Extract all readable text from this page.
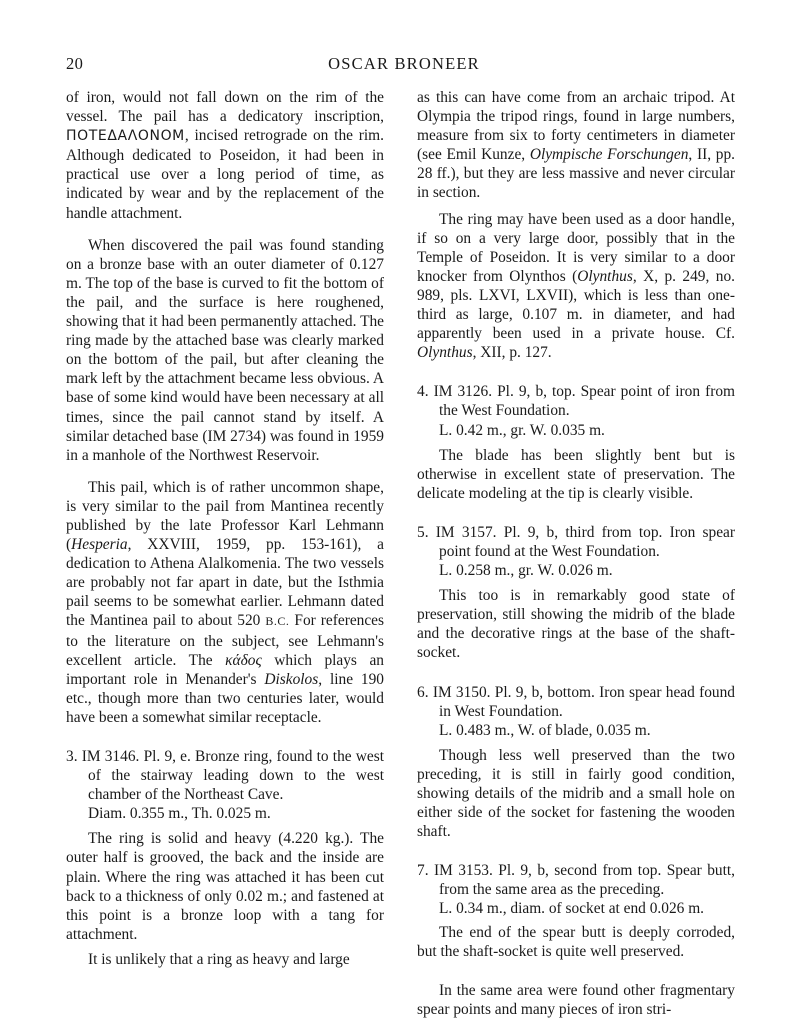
20	OSCAR BRONEER

of iron, would not fall down on the rim of the vessel. The pail has a dedicatory inscription, ΠΟΤΕΔΑΛΟΝΟΜ, incised retrograde on the rim. Although dedicated to Poseidon, it had been in practical use over a long period of time, as indicated by wear and by the replacement of the handle attachment.

When discovered the pail was found standing on a bronze base with an outer diameter of 0.127 m. The top of the base is curved to fit the bottom of the pail, and the surface is here roughened, showing that it had been permanently attached. The ring made by the attached base was clearly marked on the bottom of the pail, but after cleaning the mark left by the attachment became less obvious. A base of some kind would have been necessary at all times, since the pail cannot stand by itself. A similar detached base (IM 2734) was found in 1959 in a manhole of the Northwest Reservoir.

This pail, which is of rather uncommon shape, is very similar to the pail from Mantinea recently published by the late Professor Karl Lehmann (Hesperia, XXVIII, 1959, pp. 153-161), a dedication to Athena Alalkomenia. The two vessels are probably not far apart in date, but the Isthmia pail seems to be somewhat earlier. Lehmann dated the Mantinea pail to about 520 B.C. For references to the literature on the subject, see Lehmann's excellent article. The κάδος which plays an important role in Menander's Diskolos, line 190 etc., though more than two centuries later, would have been a somewhat similar receptacle.

3. IM 3146. Pl. 9, e. Bronze ring, found to the west of the stairway leading down to the west chamber of the Northeast Cave.

Diam. 0.355 m., Th. 0.025 m.

The ring is solid and heavy (4.220 kg.). The outer half is grooved, the back and the inside are plain. Where the ring was attached it has been cut back to a thickness of only 0.02 m.; and fastened at this point is a bronze loop with a tang for attachment.

It is unlikely that a ring as heavy and large

as this can have come from an archaic tripod. At Olympia the tripod rings, found in large numbers, measure from six to forty centimeters in diameter (see Emil Kunze, Olympische Forschungen, II, pp. 28 ff.), but they are less massive and never circular in section.

The ring may have been used as a door handle, if so on a very large door, possibly that in the Temple of Poseidon. It is very similar to a door knocker from Olynthos (Olynthus, X, p. 249, no. 989, pls. LXVI, LXVII), which is less than one-third as large, 0.107 m. in diameter, and had apparently been used in a private house. Cf. Olynthus, XII, p. 127.

4. IM 3126. Pl. 9, b, top. Spear point of iron from the West Foundation.

L. 0.42 m., gr. W. 0.035 m.

The blade has been slightly bent but is otherwise in excellent state of preservation. The delicate modeling at the tip is clearly visible.

5. IM 3157. Pl. 9, b, third from top. Iron spear point found at the West Foundation.

L. 0.258 m., gr. W. 0.026 m.

This too is in remarkably good state of preservation, still showing the midrib of the blade and the decorative rings at the base of the shaft-socket.

6. IM 3150. Pl. 9, b, bottom. Iron spear head found in West Foundation.

L. 0.483 m., W. of blade, 0.035 m.

Though less well preserved than the two preceding, it is still in fairly good condition, showing details of the midrib and a small hole on either side of the socket for fastening the wooden shaft.

7. IM 3153. Pl. 9, b, second from top. Spear butt, from the same area as the preceding.

L. 0.34 m., diam. of socket at end 0.026 m.

The end of the spear butt is deeply corroded, but the shaft-socket is quite well preserved.

In the same area were found other fragmentary spear points and many pieces of iron stri-
